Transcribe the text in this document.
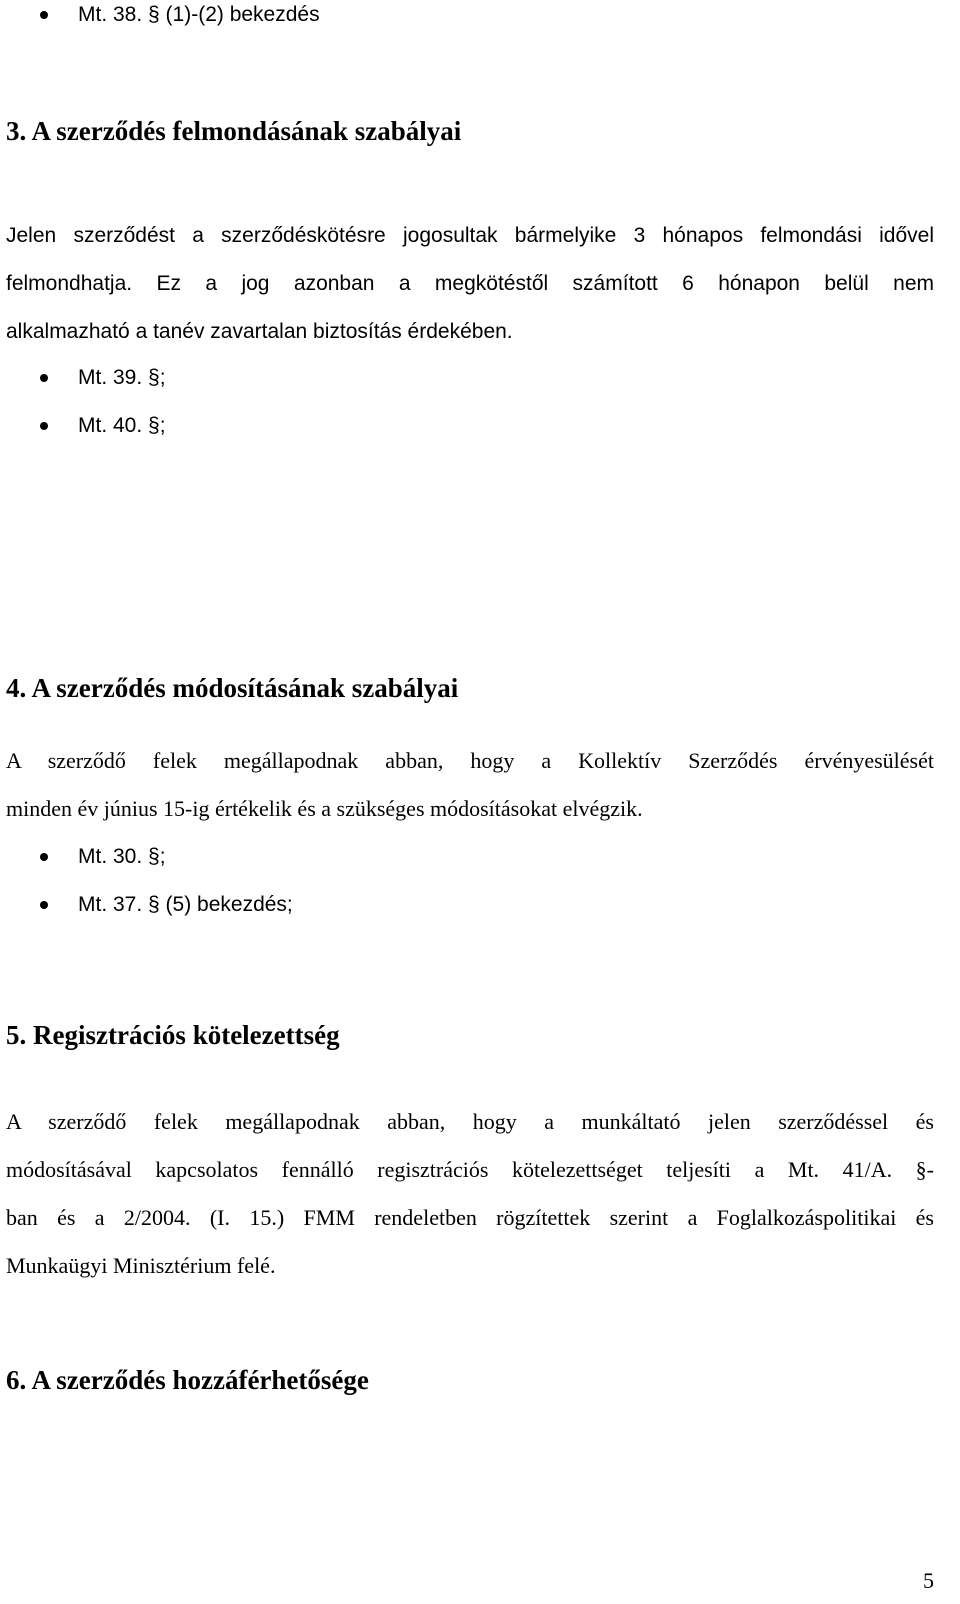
Mt. 38. § (1)-(2) bekezdés
3. A szerződés felmondásának szabályai
Jelen szerződést a szerződéskötésre jogosultak bármelyike 3 hónapos felmondási idővel
felmondhatja. Ez a jog azonban a megkötéstől számított 6 hónapon belül nem
alkalmazható a tanév zavartalan biztosítás érdekében.
Mt. 39. §;
Mt. 40. §;
4. A szerződés módosításának szabályai
A szerződő felek megállapodnak abban, hogy a Kollektív Szerződés érvényesülését
minden év június 15-ig értékelik és a szükséges módosításokat elvégzik.
Mt. 30. §;
Mt. 37. § (5) bekezdés;
5. Regisztrációs kötelezettség
A szerződő felek megállapodnak abban, hogy a munkáltató jelen szerződéssel és
módosításával kapcsolatos fennálló regisztrációs kötelezettséget teljesíti a Mt. 41/A. §-
ban és a 2/2004. (I. 15.) FMM rendeletben rögzítettek szerint a Foglalkozáspolitikai és
Munkaügyi Minisztérium felé.
6. A szerződés hozzáférhetősége
5
